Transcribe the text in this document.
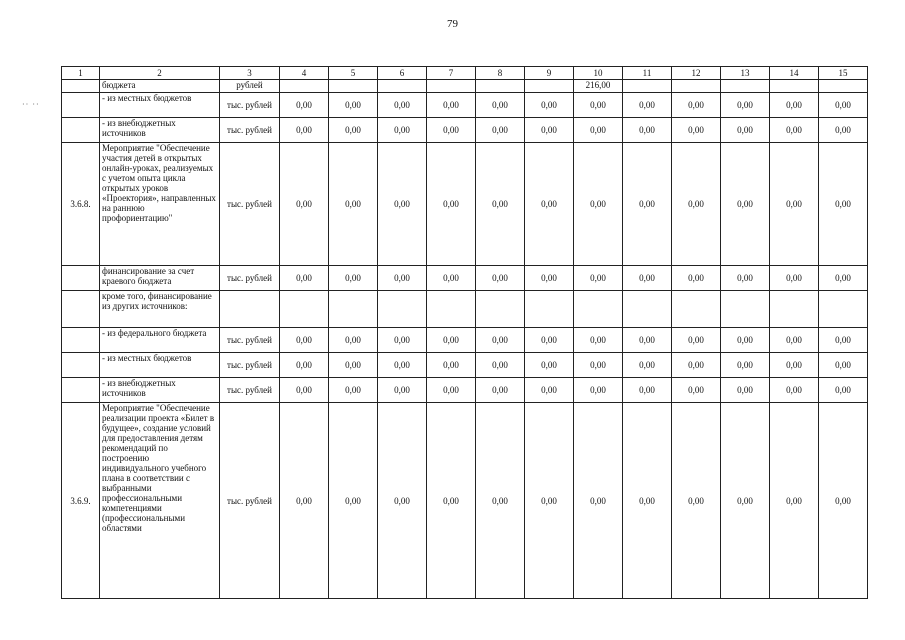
79
·· ··
1	2	3	4	5	6	7	8	9	10	11	12	13	14	15
	бюджета	рублей							216,00					
	- из местных бюджетов	тыс. рублей	0,00	0,00	0,00	0,00	0,00	0,00	0,00	0,00	0,00	0,00	0,00	0,00
	- из внебюджетных источников	тыс. рублей	0,00	0,00	0,00	0,00	0,00	0,00	0,00	0,00	0,00	0,00	0,00	0,00
3.6.8.	Мероприятие "Обеспечение участия детей в открытых онлайн-уроках, реализуемых с учетом опыта цикла открытых уроков «Проектория», направленных на раннюю профориентацию"	тыс. рублей	0,00	0,00	0,00	0,00	0,00	0,00	0,00	0,00	0,00	0,00	0,00	0,00
	финансирование за счет краевого бюджета	тыс. рублей	0,00	0,00	0,00	0,00	0,00	0,00	0,00	0,00	0,00	0,00	0,00	0,00
	кроме того, финансирование из других источников:													
	- из федерального бюджета	тыс. рублей	0,00	0,00	0,00	0,00	0,00	0,00	0,00	0,00	0,00	0,00	0,00	0,00
	- из местных бюджетов	тыс. рублей	0,00	0,00	0,00	0,00	0,00	0,00	0,00	0,00	0,00	0,00	0,00	0,00
	- из внебюджетных источников	тыс. рублей	0,00	0,00	0,00	0,00	0,00	0,00	0,00	0,00	0,00	0,00	0,00	0,00
3.6.9.	Мероприятие "Обеспечение реализации проекта «Билет в будущее», создание условий для предоставления детям рекомендаций по построению индивидуального учебного плана в соответствии с выбранными профессиональными компетенциями (профессиональными областями	тыс. рублей	0,00	0,00	0,00	0,00	0,00	0,00	0,00	0,00	0,00	0,00	0,00	0,00
